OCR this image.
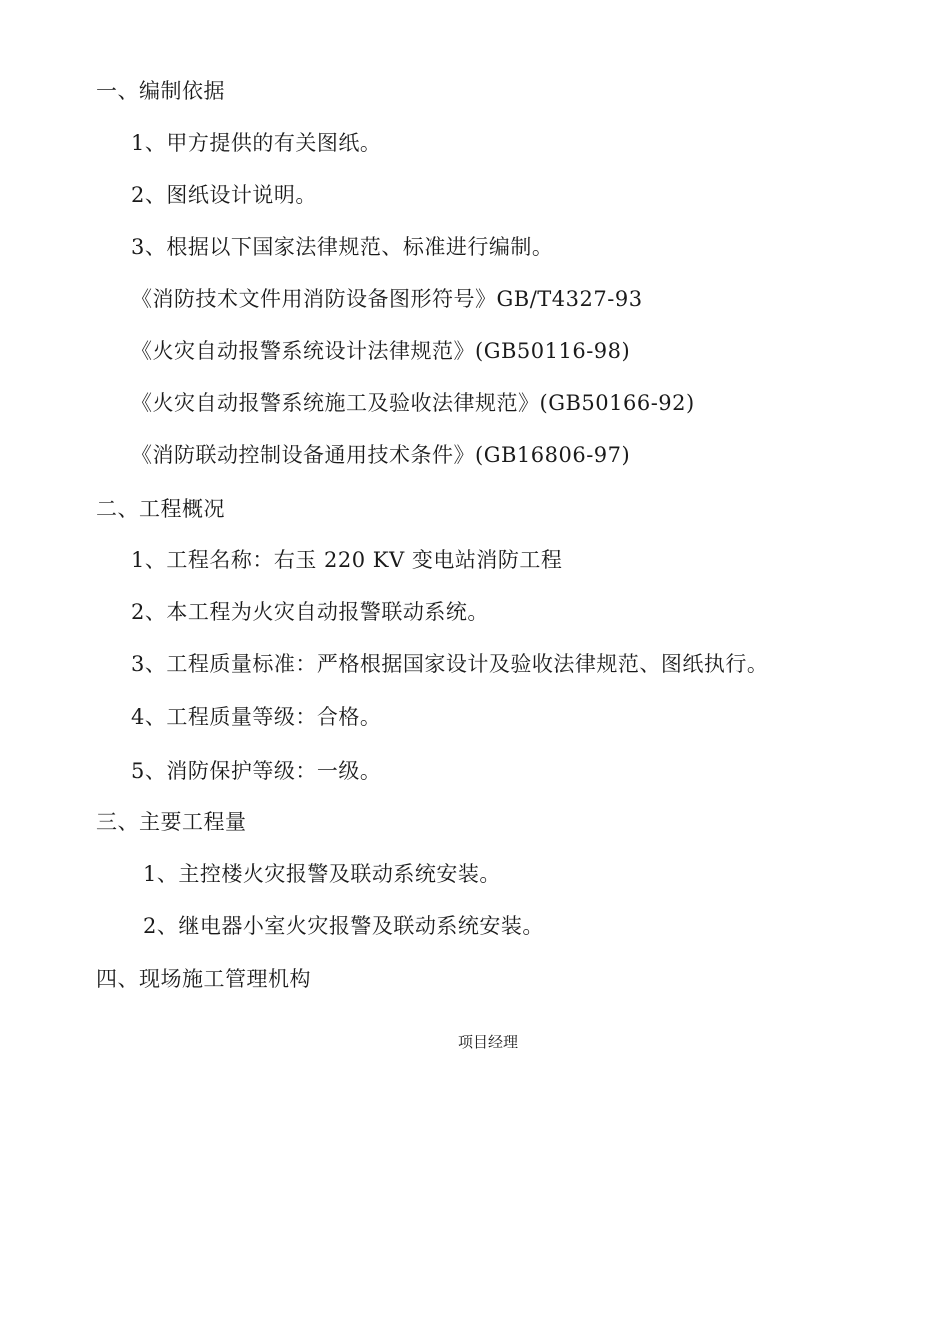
一、编制依据
1、甲方提供的有关图纸。
2、图纸设计说明。
3、根据以下国家法律规范、标准进行编制。
《消防技术文件用消防设备图形符号》GB/T4327-93
《火灾自动报警系统设计法律规范》(GB50116-98)
《火灾自动报警系统施工及验收法律规范》(GB50166-92)
《消防联动控制设备通用技术条件》(GB16806-97)
二、工程概况
1、工程名称：右玉 220 KV 变电站消防工程
2、本工程为火灾自动报警联动系统。
3、工程质量标准：严格根据国家设计及验收法律规范、图纸执行。
4、工程质量等级：合格。
5、消防保护等级：一级。
三、主要工程量
1、主控楼火灾报警及联动系统安装。
2、继电器小室火灾报警及联动系统安装。
四、现场施工管理机构
项目经理
